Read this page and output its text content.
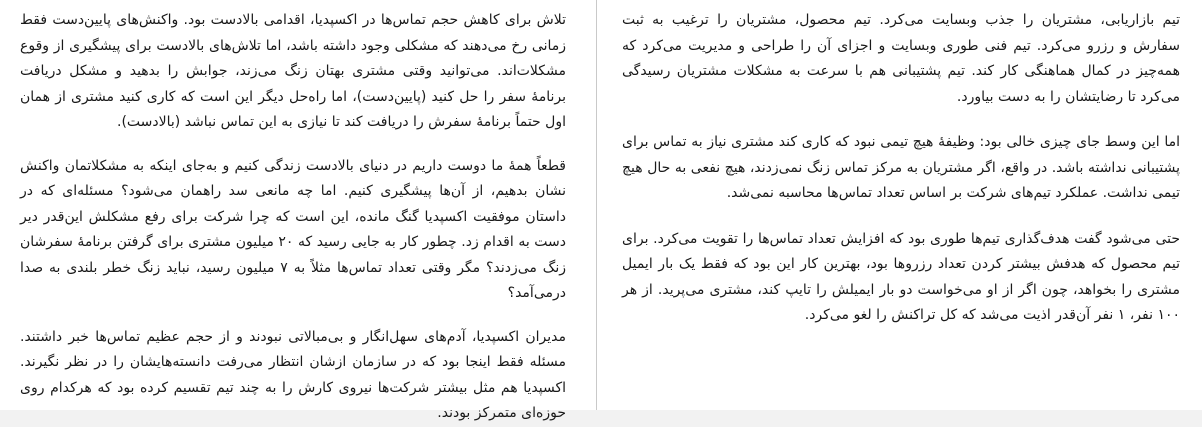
تلاش برای کاهش حجم تماس‌ها در اکسپدیا، اقدامی بالادست بود. واکنش‌های پایین‌دست فقط زمانی رخ می‌دهند که مشکلی وجود داشته باشد، اما تلاش‌های بالادست برای پیشگیری از وقوع مشکلات‌اند. می‌توانید وقتی مشتری بهتان زنگ می‌زند، جوابش را بدهید و مشکل دریافت برنامهٔ سفر را حل کنید (پایین‌دست)، اما راه‌حل دیگر این است که کاری کنید مشتری از همان اول حتماً برنامهٔ سفرش را دریافت کند تا نیازی به این تماس نباشد (بالادست).

قطعاً همهٔ ما دوست داریم در دنیای بالادست زندگی کنیم و به‌جای اینکه به مشکلاتمان واکنش نشان بدهیم، از آن‌ها پیشگیری کنیم. اما چه مانعی سد راهمان می‌شود؟ مسئله‌ای که در داستان موفقیت اکسپدیا گنگ مانده، این است که چرا شرکت برای رفع مشکلش این‌قدر دیر دست به اقدام زد. چطور کار به جایی رسید که ۲۰ میلیون مشتری برای گرفتن برنامهٔ سفرشان زنگ می‌زدند؟ مگر وقتی تعداد تماس‌ها مثلاً به ۷ میلیون رسید، نباید زنگ خطر بلندی به صدا درمی‌آمد؟

مدیران اکسپدیا، آدم‌های سهل‌انگار و بی‌مبالاتی نبودند و از حجم عظیم تماس‌ها خبر داشتند. مسئله فقط اینجا بود که در سازمان ازشان انتظار می‌رفت دانسته‌هایشان را در نظر نگیرند. اکسپدیا هم مثل بیشتر شرکت‌ها نیروی کارش را به چند تیم تقسیم کرده بود که هرکدام روی حوزه‌ای متمرکز بودند.

تیم بازاریابی، مشتریان را جذب وبسایت می‌کرد. تیم محصول، مشتریان را ترغیب به ثبت سفارش و رزرو می‌کرد. تیم فنی طوری وبسایت و اجزای آن را طراحی و مدیریت می‌کرد که همه‌چیز در کمال هماهنگی کار کند. تیم پشتیبانی هم با سرعت به مشکلات مشتریان رسیدگی می‌کرد تا رضایتشان را به دست بیاورد.

اما این وسط جای چیزی خالی بود: وظیفهٔ هیچ تیمی نبود که کاری کند مشتری نیاز به تماس برای پشتیبانی نداشته باشد. در واقع، اگر مشتریان به مرکز تماس زنگ نمی‌زدند، هیچ نفعی به حال هیچ تیمی نداشت. عملکرد تیم‌های شرکت بر اساس تعداد تماس‌ها محاسبه نمی‌شد.

حتی می‌شود گفت هدف‌گذاری تیم‌ها طوری بود که افزایش تعداد تماس‌ها را تقویت می‌کرد. برای تیم محصول که هدفش بیشتر کردن تعداد رزروها بود، بهترین کار این بود که فقط یک بار ایمیل مشتری را بخواهد، چون اگر از او می‌خواست دو بار ایمیلش را تایپ کند، مشتری می‌پرید. از هر ۱۰۰ نفر، ۱ نفر آن‌قدر اذیت می‌شد که کل تراکنش را لغو می‌کرد.
